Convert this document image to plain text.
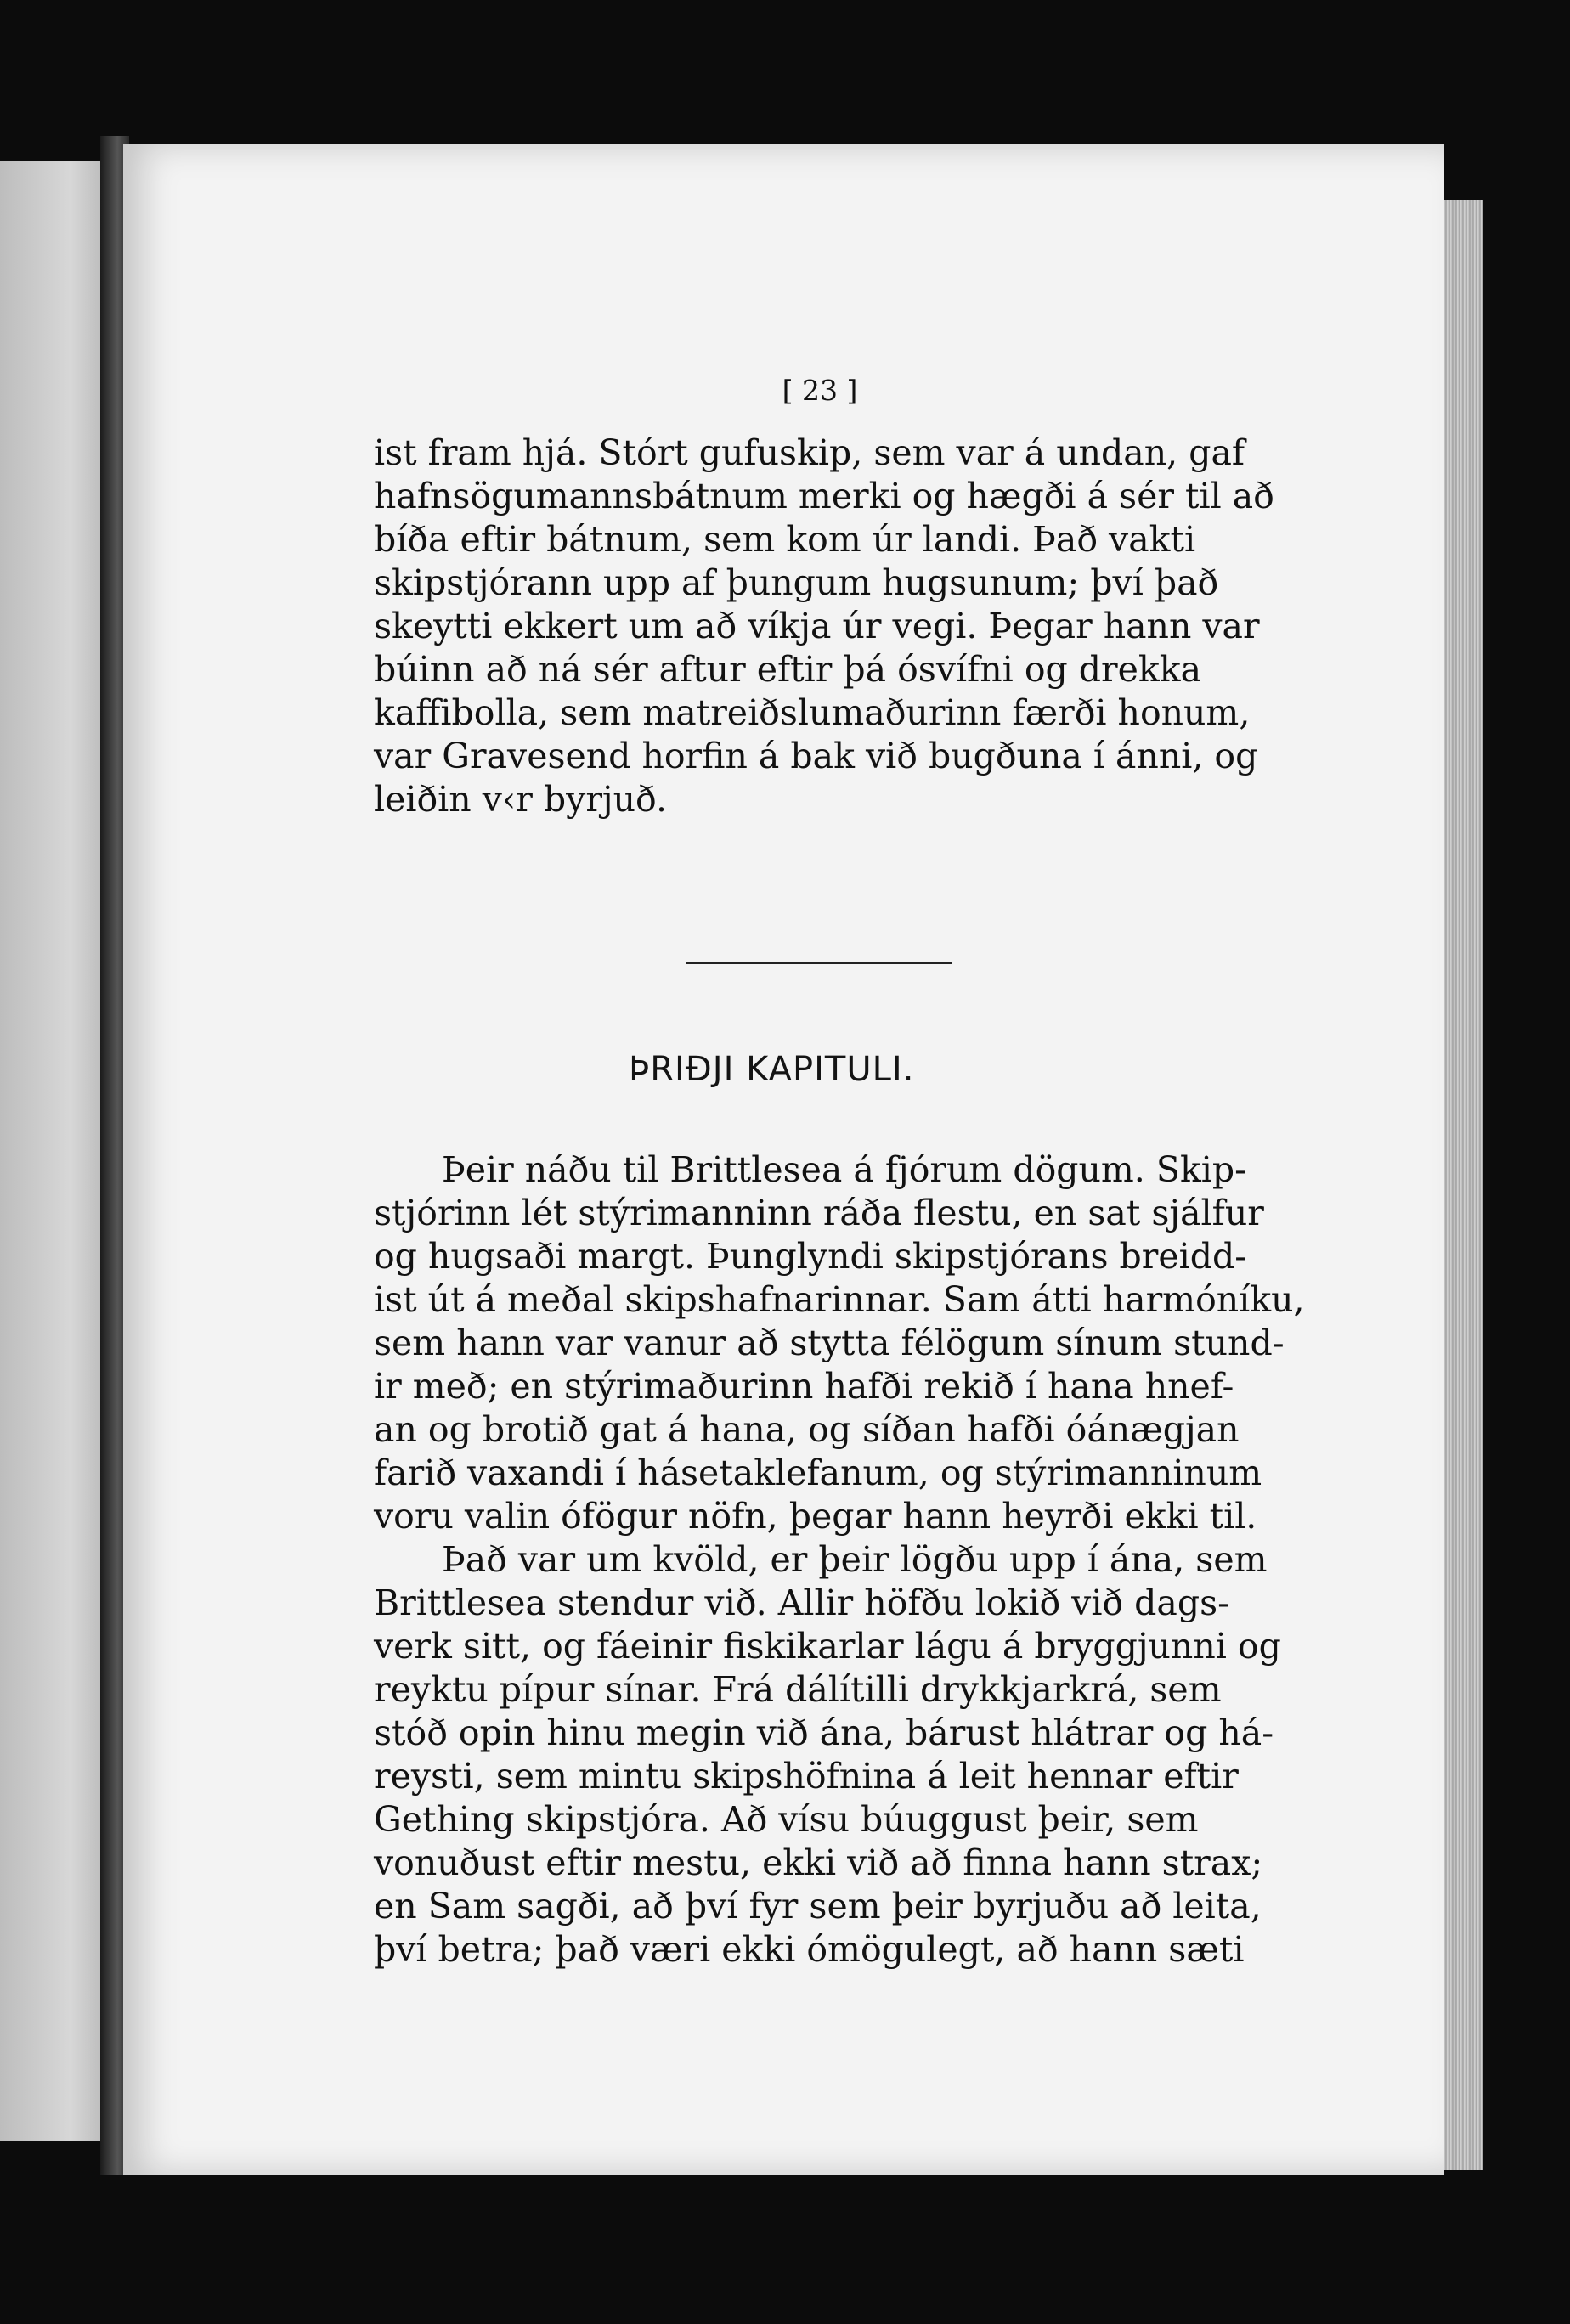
[ 23 ]
ist fram hjá. Stórt gufuskip, sem var á undan, gaf
hafnsögumannsbátnum merki og hægði á sér til að
bíða eftir bátnum, sem kom úr landi. Það vakti
skipstjórann upp af þungum hugsunum; því það
skeytti ekkert um að víkja úr vegi. Þegar hann var
búinn að ná sér aftur eftir þá ósvífni og drekka
kaffibolla, sem matreiðslumaðurinn færði honum,
var Gravesend horfin á bak við bugðuna í ánni, og
leiðin v‹r byrjuð.
ÞRIÐJI KAPITULI.
Þeir náðu til Brittlesea á fjórum dögum. Skip-
stjórinn lét stýrimanninn ráða flestu, en sat sjálfur
og hugsaði margt. Þunglyndi skipstjórans breidd-
ist út á meðal skipshafnarinnar. Sam átti harmóníku,
sem hann var vanur að stytta félögum sínum stund-
ir með; en stýrimaðurinn hafði rekið í hana hnef-
an og brotið gat á hana, og síðan hafði óánægjan
farið vaxandi í hásetaklefanum, og stýrimanninum
voru valin ófögur nöfn, þegar hann heyrði ekki til.
Það var um kvöld, er þeir lögðu upp í ána, sem
Brittlesea stendur við. Allir höfðu lokið við dags-
verk sitt, og fáeinir fiskikarlar lágu á bryggjunni og
reyktu pípur sínar. Frá dálítilli drykkjarkrá, sem
stóð opin hinu megin við ána, bárust hlátrar og há-
reysti, sem mintu skipshöfnina á leit hennar eftir
Gething skipstjóra. Að vísu búuggust þeir, sem
vonuðust eftir mestu, ekki við að finna hann strax;
en Sam sagði, að því fyr sem þeir byrjuðu að leita,
því betra; það væri ekki ómögulegt, að hann sæti
